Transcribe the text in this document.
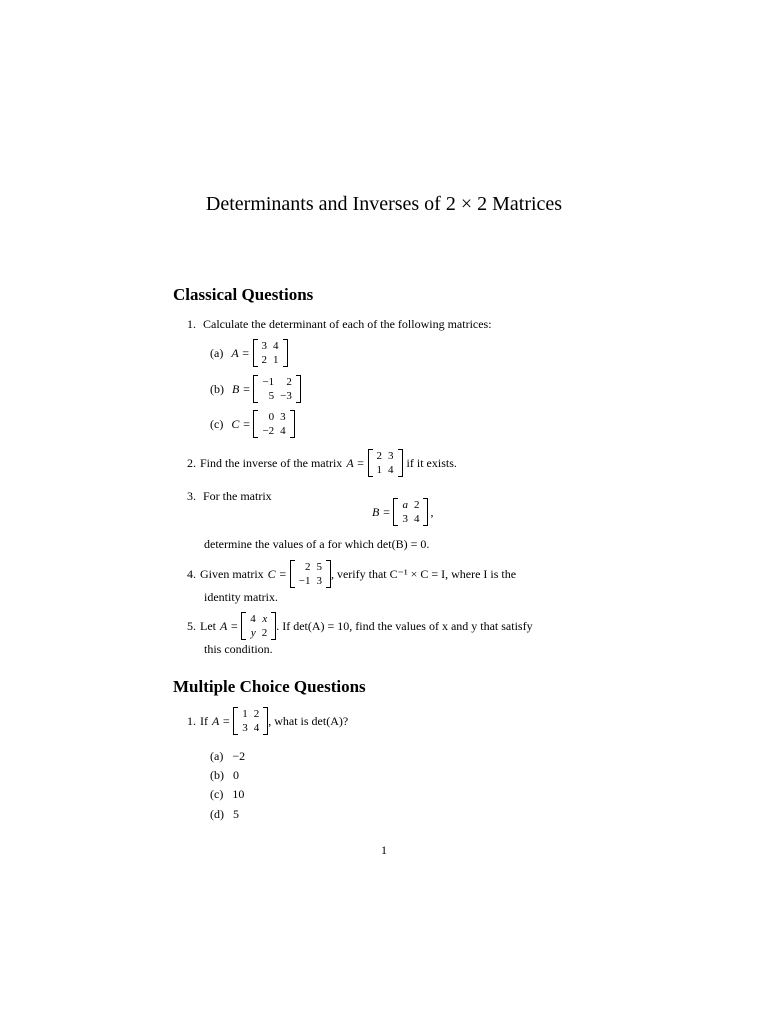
Determinants and Inverses of 2 × 2 Matrices
Classical Questions
1. Calculate the determinant of each of the following matrices:
(a) A = 3	4
2	1
(b) B = −1	2
5	−3
(c) C = 0	3
−2	4
2. Find the inverse of the matrix A = 2	3
1	4 if it exists.
3. For the matrix
B = a	2
3	4 ,
determine the values of a for which det(B) = 0.
4. Given matrix C = 2	5
−1	3 , verify that C⁻¹ × C = I, where I is the
identity matrix.
5. Let A = 4	x
y	2 . If det(A) = 10, find the values of x and y that satisfy
this condition.
Multiple Choice Questions
1. If A = 1	2
3	4 , what is det(A)?
(a) −2
(b) 0
(c) 10
(d) 5
1
